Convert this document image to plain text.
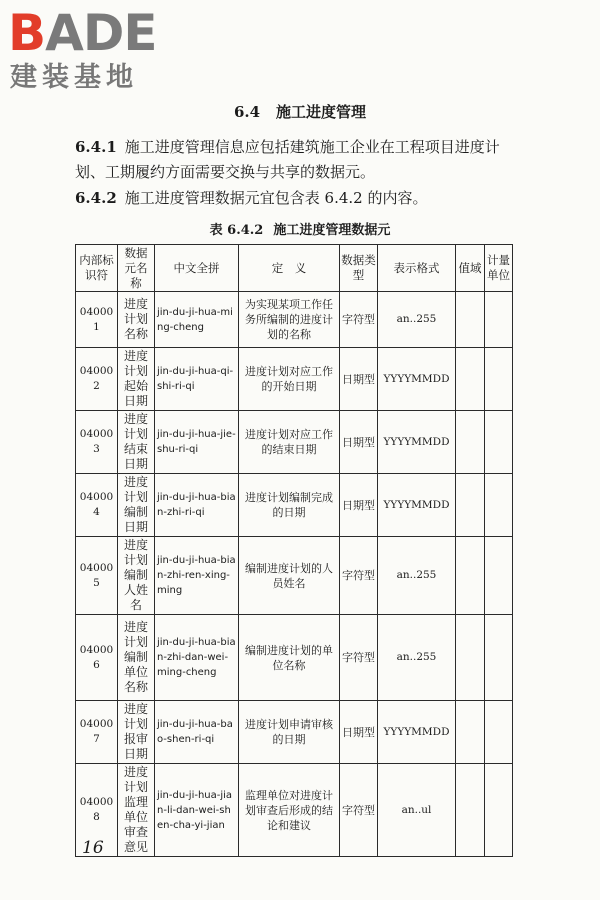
BADE
建装基地
6.4 施工进度管理
6.4.1 施工进度管理信息应包括建筑施工企业在工程项目进度计划、工期履约方面需要交换与共享的数据元。
6.4.2 施工进度管理数据元宜包含表 6.4.2 的内容。
表 6.4.2 施工进度管理数据元
内部标识符	数据元名称	中文全拼	定　义	数据类型	表示格式	值域	计量单位
040001	进度计划名称	jin-du-ji-hua-ming-cheng	为实现某项工作任务所编制的进度计划的名称	字符型	an..255		
040002	进度计划起始日期	jin-du-ji-hua-qi-shi-ri-qi	进度计划对应工作的开始日期	日期型	YYYYMMDD		
040003	进度计划结束日期	jin-du-ji-hua-jie-shu-ri-qi	进度计划对应工作的结束日期	日期型	YYYYMMDD		
040004	进度计划编制日期	jin-du-ji-hua-bian-zhi-ri-qi	进度计划编制完成的日期	日期型	YYYYMMDD		
040005	进度计划编制人姓名	jin-du-ji-hua-bian-zhi-ren-xing-ming	编制进度计划的人员姓名	字符型	an..255		
040006	进度计划编制单位名称	jin-du-ji-hua-bian-zhi-dan-wei-ming-cheng	编制进度计划的单位名称	字符型	an..255		
040007	进度计划报审日期	jin-du-ji-hua-bao-shen-ri-qi	进度计划申请审核的日期	日期型	YYYYMMDD		
040008	进度计划监理单位审查意见	jin-du-ji-hua-jian-li-dan-wei-shen-cha-yi-jian	监理单位对进度计划审查后形成的结论和建议	字符型	an..ul		
16
